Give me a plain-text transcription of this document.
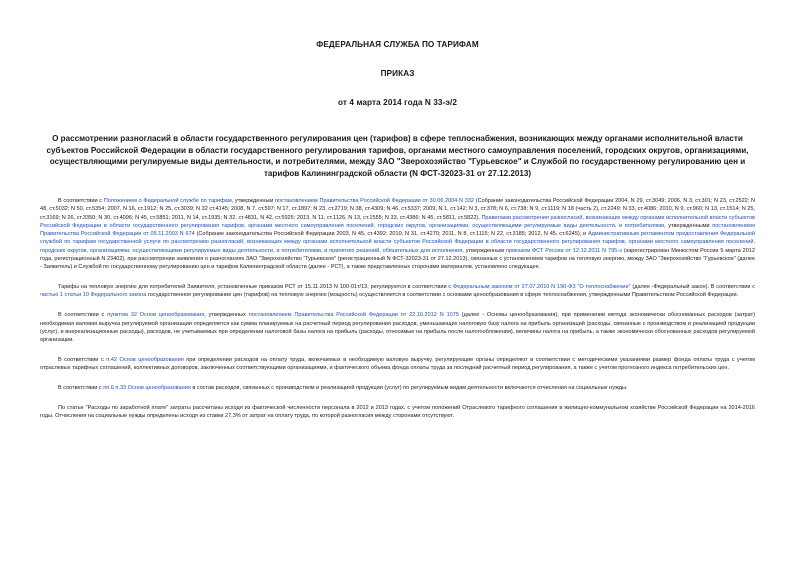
ФЕДЕРАЛЬНАЯ СЛУЖБА ПО ТАРИФАМ
ПРИКАЗ
от 4 марта 2014 года N 33-э/2
О рассмотрении разногласий в области государственного регулирования цен (тарифов) в сфере теплоснабжения, возникающих между органами исполнительной власти субъектов Российской Федерации в области государственного регулирования тарифов, органами местного самоуправления поселений, городских округов, организациями, осуществляющими регулируемые виды деятельности, и потребителями, между ЗАО "Зверохозяйство "Гурьевское" и Службой по государственному регулированию цен и тарифов Калининградской области (N ФСТ-32023-31 от 27.12.2013)

В соответствии с Положением о Федеральной службе по тарифам, утвержденным постановлением Правительства Российской Федерации от 30.06.2004 N 332 (Собрание законодательства Российской Федерации 2004, N 29, ст.3049; 2006, N 3, ст.301; N 23, ст.2522; N 48, ст.5032; N 50, ст.5354; 2007, N 16, ст.1912; N 25, ст.3039; N 32 ст.4145; 2008, N 7, ст.597; N 17, ст.1897; N 23, ст.2719; N 38, ст.4309; N 46, ст.5337; 2009, N 1, ст.142; N 3, ст.378; N 6, ст.738; N 9, ст.1119; N 18 (часть 2), ст.2249; N 33, ст.4086; 2010, N 9, ст.960; N 13, ст.1514; N 25, ст.3169; N 26, ст.3350; N 30, ст.4096; N 45, ст.5851; 2011, N 14, ст.1935; N 32, ст.4831, N 42, ст.5925; 2013, N 11, ст.1126, N 13, ст.1555; N 33, ст.4386; N 45, ст.5811, ст.5822), Правилами рассмотрения разногласий, возникающих между органами исполнительной власти субъектов Российской Федерации в области государственного регулирования тарифов, органами местного самоуправления поселений, городских округов, организациями, осуществляющими регулируемые виды деятельности, и потребителями, утвержденными постановлением Правительства Российской Федерации от 05.11.2003 N 674 (Собрание законодательства Российской Федерации 2003, N 45, ст.4392; 2010, N 31, ст.4270; 2011, N 8, ст.1115; N 22, ст.3185; 2012, N 45, ст.6245), и Административным регламентом предоставления Федеральной службой по тарифам государственной услуги по рассмотрению разногласий, возникающих между органами исполнительной власти субъектов Российской Федерации в области государственного регулирования тарифов, органами местного самоуправления поселений, городских округов, организациями, осуществляющими регулируемые виды деятельности, и потребителями, и принятию решений, обязательных для исполнения, утвержденным приказом ФСТ России от 12.12.2011 N 795-э (зарегистрирован Минюстом России 5 марта 2012 года, регистрационный N 23402), при рассмотрении заявления о разногласиях ЗАО "Зверохозяйство "Гурьевское" (регистрационный N ФСТ-32023-31 от 27.12.2013), связанных с установлением тарифов на тепловую энергию, между ЗАО "Зверохозяйство "Гурьевское" (далее - Заявитель) и Службой по государственному регулированию цен и тарифов Калининградской области (далее - РСТ), а также представленных сторонами материалов, установлено следующее.

Тарифы на тепловую энергию для потребителей Заявителя, установленные приказом РСТ от 15.11.2013 N 100-01т/13, регулируются в соответствии с Федеральным законом от 27.07.2010 N 190-ФЗ "О теплоснабжении" (далее -Федеральный закон). В соответствии с частью 1 статьи 10 Федерального закона государственное регулирование цен (тарифов) на тепловую энергию (мощность) осуществляется в соответствии с основами ценообразования в сфере теплоснабжения, утвержденными Правительством Российской Федерации.

В соответствии с пунктом 32 Основ ценообразования, утвержденных постановлением Правительства Российской Федерации от 22.10.2012 N 1075 (далее - Основы ценообразования), при применении метода экономически обоснованных расходов (затрат) необходимая валовая выручка регулируемой организации определяется как сумма планируемых на расчетный период регулирования расходов, уменьшающих налоговую базу налога на прибыль организаций (расходы, связанные с производством и реализацией продукции (услуг), и внереализационные расходы), расходов, не учитываемых при определении налоговой базы налога на прибыль (расходы, относимые на прибыль после налогообложения), величины налога на прибыль, а также экономически обоснованных расходов регулируемой организации.

В соответствии с п.42 Основ ценообразования при определении расходов на оплату труда, включаемых в необходимую валовую выручку, регулирующие органы определяют в соответствии с методическими указаниями размер фонда оплаты труда с учетом отраслевых тарифных соглашений, коллективных договоров, заключенных соответствующими организациями, и фактического объема фонда оплаты труда за последний расчетный период регулирования, а также с учетом прогнозного индекса потребительских цен.

В соответствии с пп.6 п.33 Основ ценообразования в состав расходов, связанных с производством и реализацией продукции (услуг) по регулируемым видам деятельности включаются отчисления на социальные нужды.

По статье "Расходы по заработной плате" затраты рассчитаны исходя из фактической численности персонала в 2012 и 2013 годах, с учетом положений Отраслевого тарифного соглашения в жилищно-коммунальном хозяйстве Российской Федерации на 2014-2016 годы. Отчисления на социальные нужды определены исходя из ставки 27,3% от затрат на оплату труда, по которой разногласия между сторонами отсутствуют.
